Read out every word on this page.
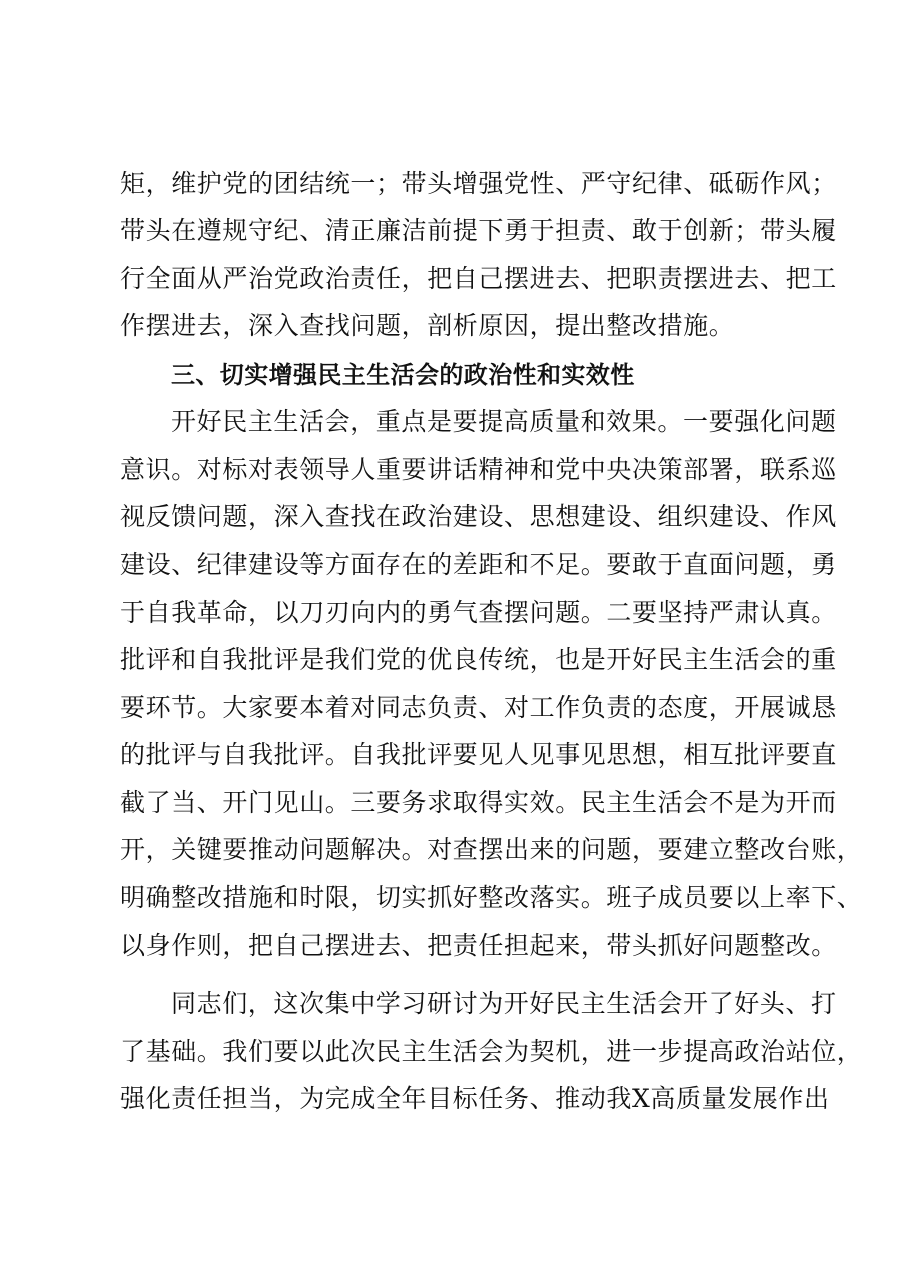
矩，维护党的团结统一；带头增强党性、严守纪律、砥砺作风；
带头在遵规守纪、清正廉洁前提下勇于担责、敢于创新；带头履
行全面从严治党政治责任，把自己摆进去、把职责摆进去、把工
作摆进去，深入查找问题，剖析原因，提出整改措施。
三、切实增强民主生活会的政治性和实效性
开好民主生活会，重点是要提高质量和效果。一要强化问题
意识。对标对表领导人重要讲话精神和党中央决策部署，联系巡
视反馈问题，深入查找在政治建设、思想建设、组织建设、作风
建设、纪律建设等方面存在的差距和不足。要敢于直面问题，勇
于自我革命，以刀刃向内的勇气查摆问题。二要坚持严肃认真。
批评和自我批评是我们党的优良传统，也是开好民主生活会的重
要环节。大家要本着对同志负责、对工作负责的态度，开展诚恳
的批评与自我批评。自我批评要见人见事见思想，相互批评要直
截了当、开门见山。三要务求取得实效。民主生活会不是为开而
开，关键要推动问题解决。对查摆出来的问题，要建立整改台账，
明确整改措施和时限，切实抓好整改落实。班子成员要以上率下、
以身作则，把自己摆进去、把责任担起来，带头抓好问题整改。
同志们，这次集中学习研讨为开好民主生活会开了好头、打
了基础。我们要以此次民主生活会为契机，进一步提高政治站位，
强化责任担当，为完成全年目标任务、推动我X高质量发展作出
